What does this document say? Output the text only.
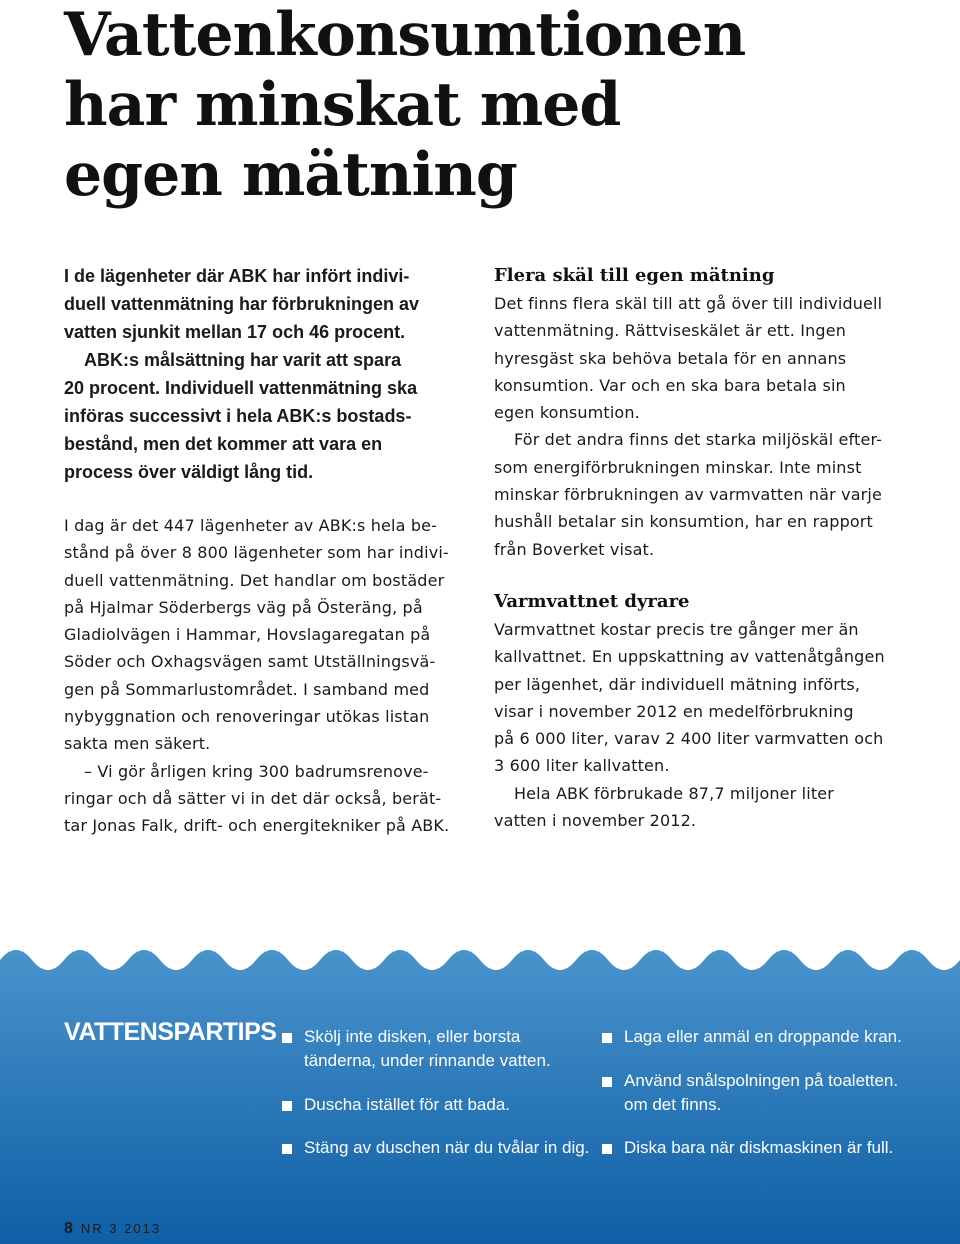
Vattenkonsumtionen
har minskat med
egen mätning
I de lägenheter där ABK har infört indivi-
duell vattenmätning har förbrukningen av
vatten sjunkit mellan 17 och 46 procent.
ABK:s målsättning har varit att spara
20 procent. Individuell vattenmätning ska
införas successivt i hela ABK:s bostads-
bestånd, men det kommer att vara en
process över väldigt lång tid.
I dag är det 447 lägenheter av ABK:s hela be-
stånd på över 8 800 lägenheter som har indivi-
duell vattenmätning. Det handlar om bostäder
på Hjalmar Söderbergs väg på Österäng, på
Gladiolvägen i Hammar, Hovslagaregatan på
Söder och Oxhagsvägen samt Utställningsvä-
gen på Sommarlustområdet. I samband med
nybyggnation och renoveringar utökas listan
sakta men säkert.
– Vi gör årligen kring 300 badrumsrenove-
ringar och då sätter vi in det där också, berät-
tar Jonas Falk, drift- och energitekniker på ABK.
Flera skäl till egen mätning
Det finns flera skäl till att gå över till individuell
vattenmätning. Rättviseskälet är ett. Ingen
hyresgäst ska behöva betala för en annans
konsumtion. Var och en ska bara betala sin
egen konsumtion.
För det andra finns det starka miljöskäl efter-
som energiförbrukningen minskar. Inte minst
minskar förbrukningen av varmvatten när varje
hushåll betalar sin konsumtion, har en rapport
från Boverket visat.
Varmvattnet dyrare
Varmvattnet kostar precis tre gånger mer än
kallvattnet. En uppskattning av vattenåtgången
per lägenhet, där individuell mätning införts,
visar i november 2012 en medelförbrukning
på 6 000 liter, varav 2 400 liter varmvatten och
3 600 liter kallvatten.
Hela ABK förbrukade 87,7 miljoner liter
vatten i november 2012.
VATTENSPARTIPS Skölj inte disken, eller borsta
tänderna, under rinnande vatten.
Duscha istället för att bada.
Stäng av duschen när du tvålar in dig.
Laga eller anmäl en droppande kran.
Använd snålspolningen på toaletten.
om det finns.
Diska bara när diskmaskinen är full.
8 NR 3 2013
